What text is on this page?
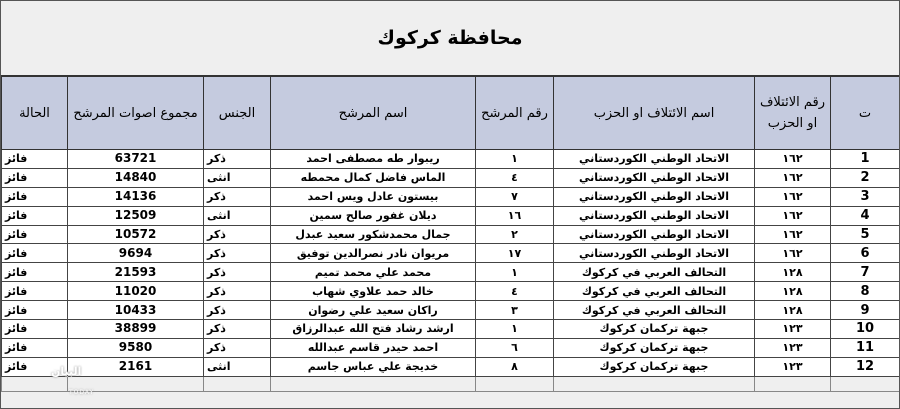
محافظة كركوك
الحالة	مجموع اصوات المرشح	الجنس	اسم المرشح	رقم المرشح	اسم الائتلاف او الحزب	رقم الائتلاف
او الحزب	ت
فائز	63721	ذكر	ريبوار طه مصطفى احمد	١	الاتحاد الوطني الكوردستاني	١٦٢	1
فائز	14840	انثى	الماس فاضل كمال محمطه	٤	الاتحاد الوطني الكوردستاني	١٦٢	2
فائز	14136	ذكر	بيستون عادل ويس احمد	٧	الاتحاد الوطني الكوردستاني	١٦٢	3
فائز	12509	انثى	ديلان غفور صالح سمين	١٦	الاتحاد الوطني الكوردستاني	١٦٢	4
فائز	10572	ذكر	جمال محمدشكور سعيد عبدل	٢	الاتحاد الوطني الكوردستاني	١٦٢	5
فائز	9694	ذكر	مريوان نادر نصرالدين توفيق	١٧	الاتحاد الوطني الكوردستاني	١٦٢	6
فائز	21593	ذكر	محمد علي محمد تميم	١	التحالف العربي في كركوك	١٢٨	7
فائز	11020	ذكر	خالد حمد علاوي شهاب	٤	التحالف العربي في كركوك	١٢٨	8
فائز	10433	ذكر	راكان سعيد علي رضوان	٣	التحالف العربي في كركوك	١٢٨	9
فائز	38899	ذكر	ارشد رشاد فتح الله عبدالرزاق	١	جبهة تركمان كركوك	١٢٣	10
فائز	9580	ذكر	احمد حيدر قاسم عبدالله	٦	جبهة تركمان كركوك	١٢٣	11
فائز	2161	انثى	خديجة علي عباس جاسم	٨	جبهة تركمان كركوك	١٢٣	12

البيان
TODAY
